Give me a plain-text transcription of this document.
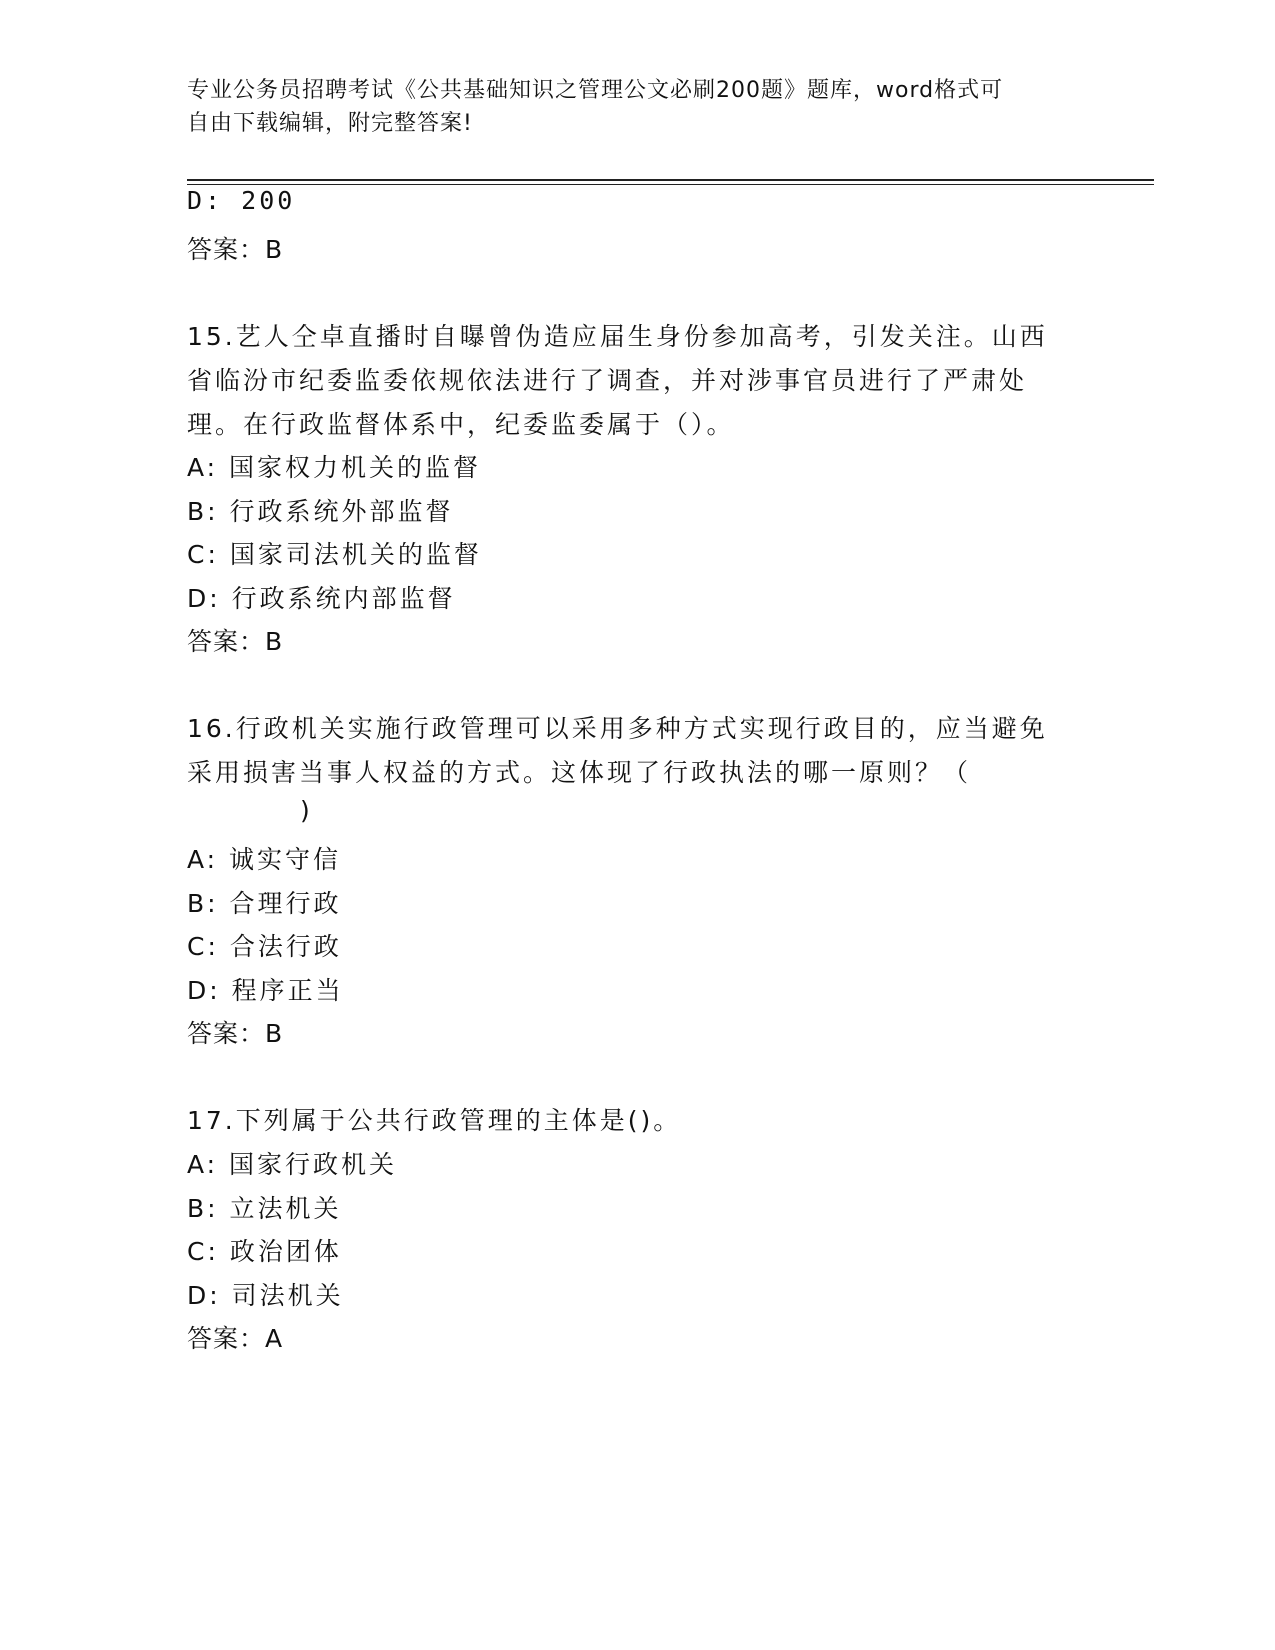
专业公务员招聘考试《公共基础知识之管理公文必刷200题》题库，word格式可
自由下载编辑，附完整答案!
D: 200
答案：B
15.艺人仝卓直播时自曝曾伪造应届生身份参加高考，引发关注。山西
省临汾市纪委监委依规依法进行了调查，并对涉事官员进行了严肃处
理。在行政监督体系中，纪委监委属于（）。
A: 国家权力机关的监督
B: 行政系统外部监督
C: 国家司法机关的监督
D: 行政系统内部监督
答案：B
16.行政机关实施行政管理可以采用多种方式实现行政目的，应当避免
采用损害当事人权益的方式。这体现了行政执法的哪一原则？（
)
A: 诚实守信
B: 合理行政
C: 合法行政
D: 程序正当
答案：B
17.下列属于公共行政管理的主体是()。
A: 国家行政机关
B: 立法机关
C: 政治团体
D: 司法机关
答案：A
